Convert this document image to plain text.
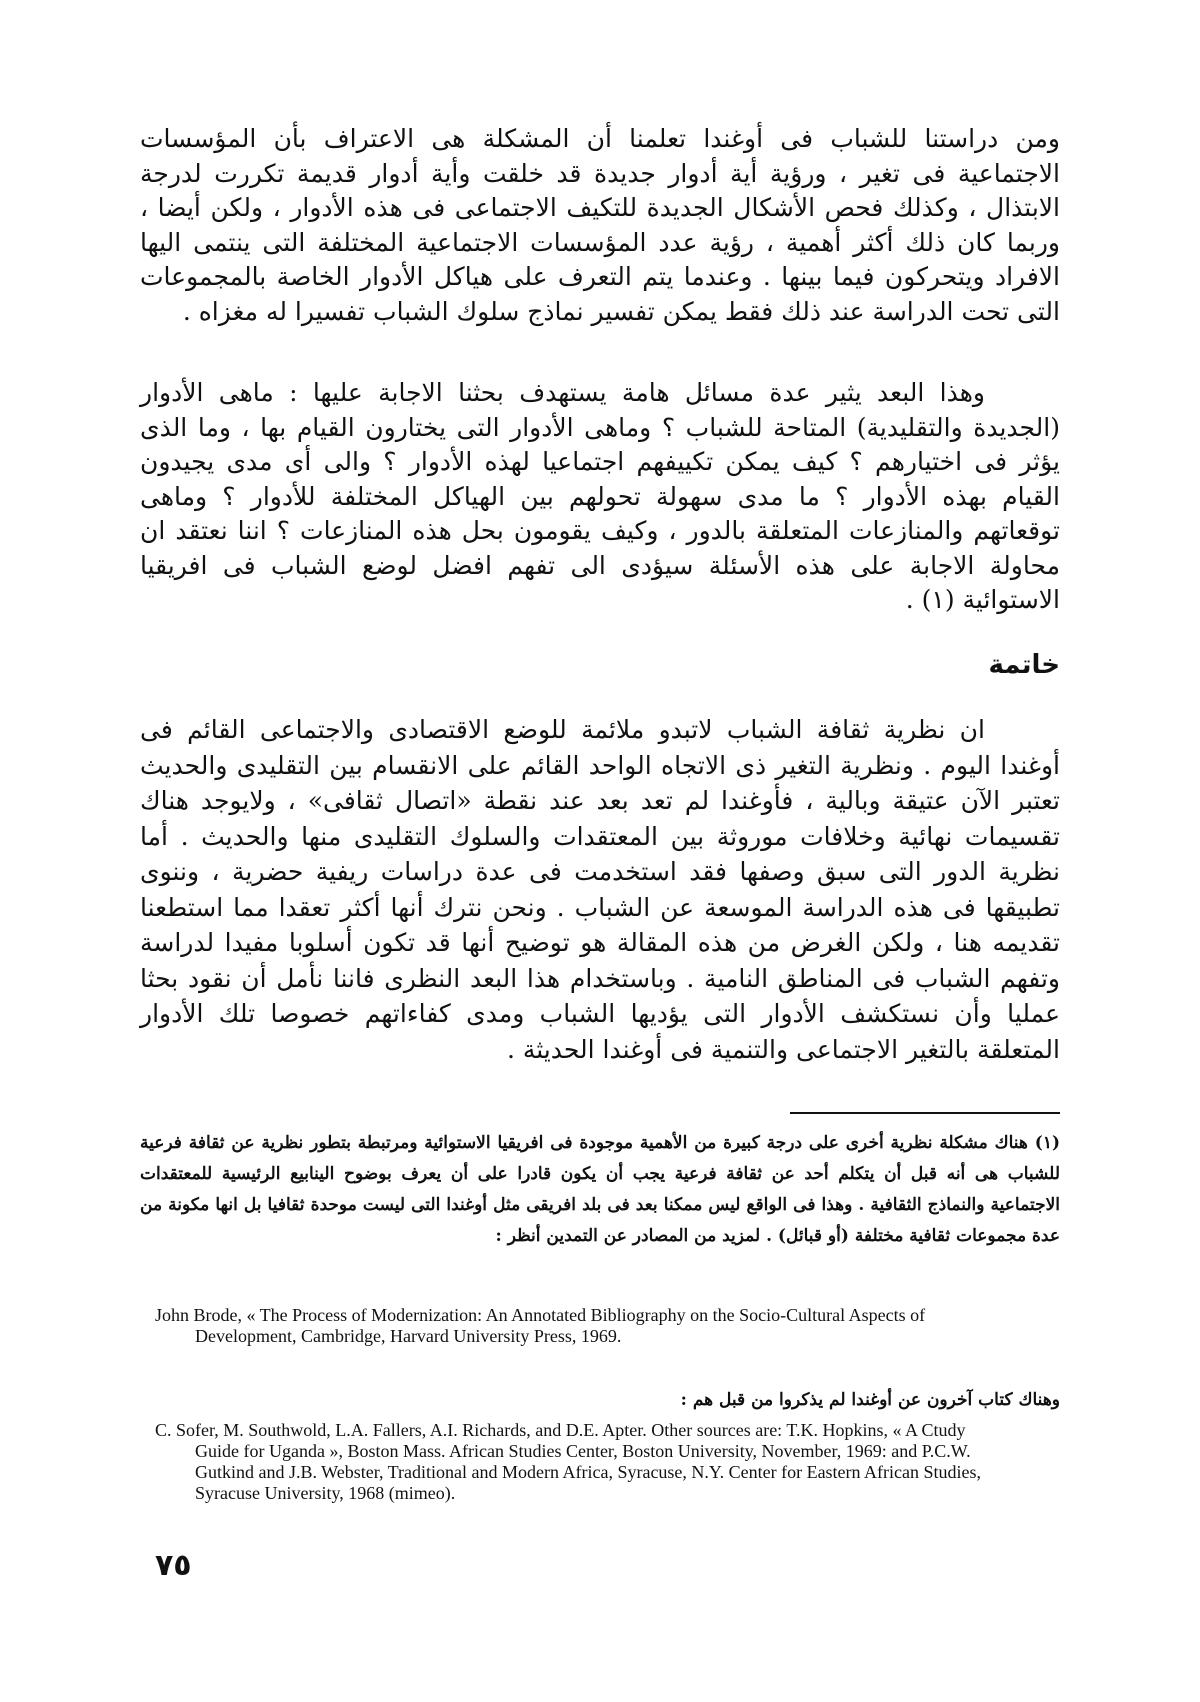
ومن دراستنا للشباب فى أوغندا تعلمنا أن المشكلة هى الاعتراف بأن المؤسسات الاجتماعية فى تغير ، ورؤية أية أدوار جديدة قد خلقت وأية أدوار قديمة تكررت لدرجة الابتذال ، وكذلك فحص الأشكال الجديدة للتكيف الاجتماعى فى هذه الأدوار ، ولكن أيضا ، وربما كان ذلك أكثر أهمية ، رؤية عدد المؤسسات الاجتماعية المختلفة التى ينتمى اليها الافراد ويتحركون فيما بينها . وعندما يتم التعرف على هياكل الأدوار الخاصة بالمجموعات التى تحت الدراسة عند ذلك فقط يمكن تفسير نماذج سلوك الشباب تفسيرا له مغزاه .

وهذا البعد يثير عدة مسائل هامة يستهدف بحثنا الاجابة عليها : ماهى الأدوار (الجديدة والتقليدية) المتاحة للشباب ؟ وماهى الأدوار التى يختارون القيام بها ، وما الذى يؤثر فى اختيارهم ؟ كيف يمكن تكييفهم اجتماعيا لهذه الأدوار ؟ والى أى مدى يجيدون القيام بهذه الأدوار ؟ ما مدى سهولة تحولهم بين الهياكل المختلفة للأدوار ؟ وماهى توقعاتهم والمنازعات المتعلقة بالدور ، وكيف يقومون بحل هذه المنازعات ؟ اننا نعتقد ان محاولة الاجابة على هذه الأسئلة سيؤدى الى تفهم افضل لوضع الشباب فى افريقيا الاستوائية (١) .

خاتمة

ان نظرية ثقافة الشباب لاتبدو ملائمة للوضع الاقتصادى والاجتماعى القائم فى أوغندا اليوم . ونظرية التغير ذى الاتجاه الواحد القائم على الانقسام بين التقليدى والحديث تعتبر الآن عتيقة وبالية ، فأوغندا لم تعد بعد عند نقطة «اتصال ثقافى» ، ولايوجد هناك تقسيمات نهائية وخلافات موروثة بين المعتقدات والسلوك التقليدى منها والحديث . أما نظرية الدور التى سبق وصفها فقد استخدمت فى عدة دراسات ريفية حضرية ، وننوى تطبيقها فى هذه الدراسة الموسعة عن الشباب . ونحن نترك أنها أكثر تعقدا مما استطعنا تقديمه هنا ، ولكن الغرض من هذه المقالة هو توضيح أنها قد تكون أسلوبا مفيدا لدراسة وتفهم الشباب فى المناطق النامية . وباستخدام هذا البعد النظرى فاننا نأمل أن نقود بحثا عمليا وأن نستكشف الأدوار التى يؤديها الشباب ومدى كفاءاتهم خصوصا تلك الأدوار المتعلقة بالتغير الاجتماعى والتنمية فى أوغندا الحديثة .

(١) هناك مشكلة نظرية أخرى على درجة كبيرة من الأهمية موجودة فى افريقيا الاستوائية ومرتبطة بتطور نظرية عن ثقافة فرعية للشباب هى أنه قبل أن يتكلم أحد عن ثقافة فرعية يجب أن يكون قادرا على أن يعرف بوضوح الينابيع الرئيسية للمعتقدات الاجتماعية والنماذج الثقافية . وهذا فى الواقع ليس ممكنا بعد فى بلد افريقى مثل أوغندا التى ليست موحدة ثقافيا بل انها مكونة من عدة مجموعات ثقافية مختلفة (أو قبائل) . لمزيد من المصادر عن التمدين أنظر :

John Brode, « The Process of Modernization: An Annotated Bibliography on the Socio-Cultural Aspects of Development, Cambridge, Harvard University Press, 1969.

وهناك كتاب آخرون عن أوغندا لم يذكروا من قبل هم :

C. Sofer, M. Southwold, L.A. Fallers, A.I. Richards, and D.E. Apter. Other sources are: T.K. Hopkins, « A Ctudy Guide for Uganda », Boston Mass. African Studies Center, Boston University, November, 1969: and P.C.W. Gutkind and J.B. Webster, Traditional and Modern Africa, Syracuse, N.Y. Center for Eastern African Studies, Syracuse University, 1968 (mimeo).

٧٥
